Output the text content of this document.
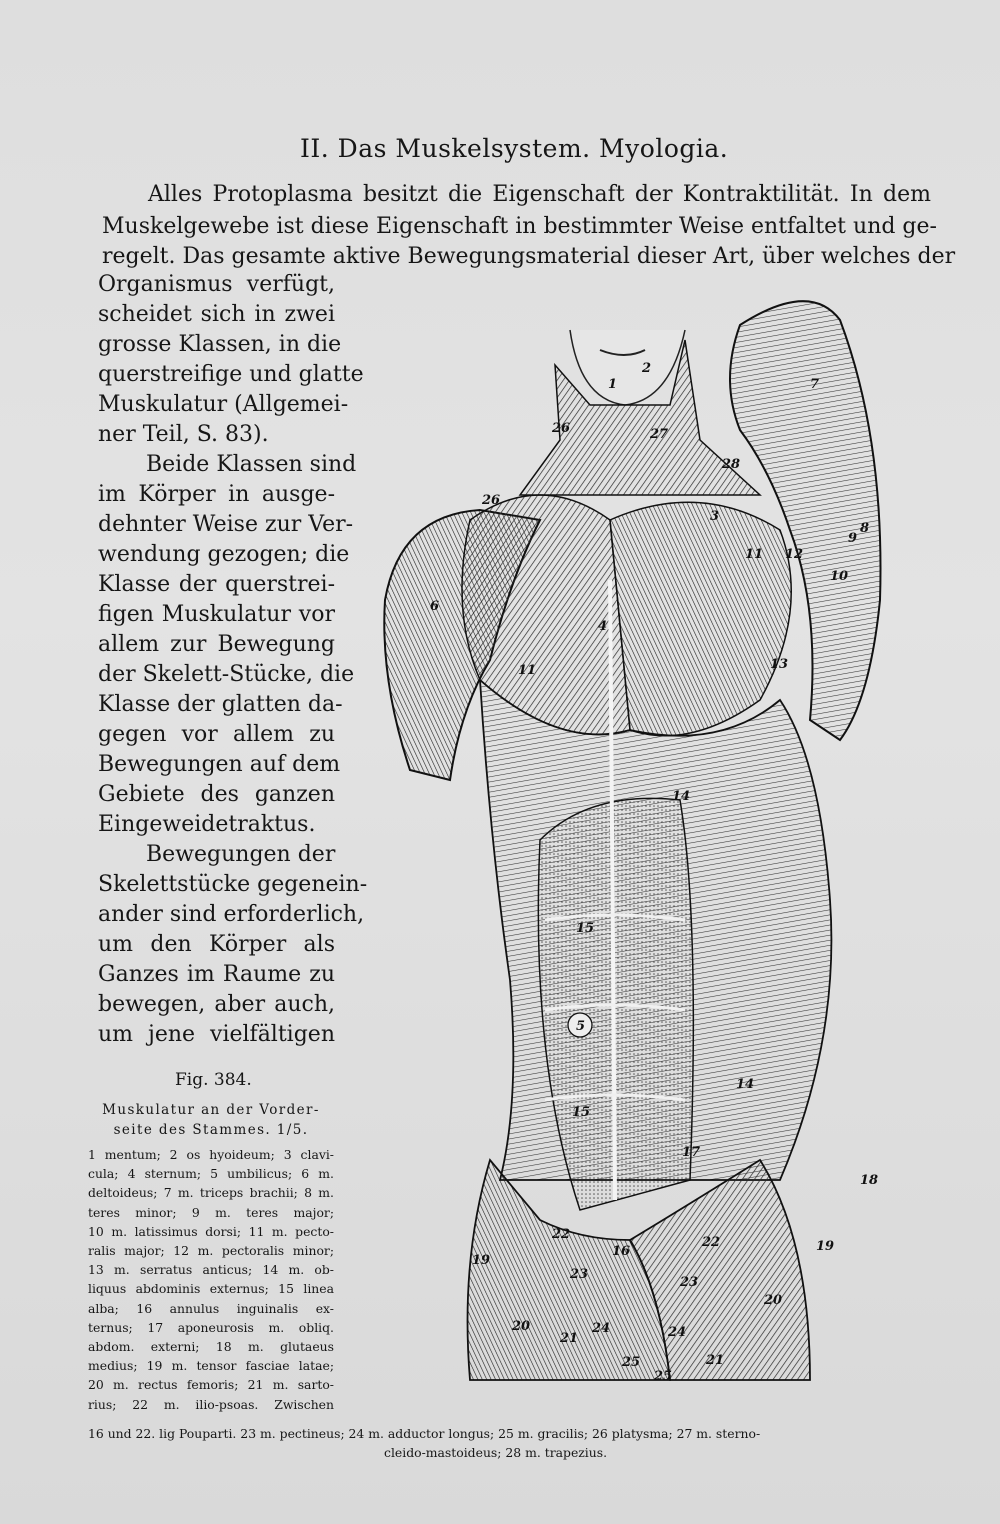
II. Das Muskelsystem. Myologia.
Alles Protoplasma besitzt die Eigenschaft der Kontraktilität. In dem
Muskelgewebe ist diese Eigenschaft in bestimmter Weise entfaltet und ge-
regelt. Das gesamte aktive Bewegungsmaterial dieser Art, über welches der
Organismus verfügt,
scheidet sich in zwei
grosse Klassen, in die
querstreifige und glatte
Muskulatur (Allgemei-
ner Teil, S. 83).
Beide Klassen sind
im Körper in ausge-
dehnter Weise zur Ver-
wendung gezogen; die
Klasse der querstrei-
figen Muskulatur vor
allem zur Bewegung
der Skelett-Stücke, die
Klasse der glatten da-
gegen vor allem zu
Bewegungen auf dem
Gebiete des ganzen
Eingeweidetraktus.
Bewegungen der
Skelettstücke gegenein-
ander sind erforderlich,
um den Körper als
Ganzes im Raume zu
bewegen, aber auch,
um jene vielfältigen
Fig. 384.
Muskulatur an der Vorder-
seite des Stammes. 1/5.
1 mentum; 2 os hyoideum; 3 clavi-
cula; 4 sternum; 5 umbilicus; 6 m.
deltoideus; 7 m. triceps brachii; 8 m.
teres minor; 9 m. teres major;
10 m. latissimus dorsi; 11 m. pecto-
ralis major; 12 m. pectoralis minor;
13 m. serratus anticus; 14 m. ob-
liquus abdominis externus; 15 linea
alba; 16 annulus inguinalis ex-
ternus; 17 aponeurosis m. obliq.
abdom. externi; 18 m. glutaeus
medius; 19 m. tensor fasciae latae;
20 m. rectus femoris; 21 m. sarto-
rius; 22 m. ilio-psoas. Zwischen
16 und 22. lig Pouparti. 23 m. pectineus; 24 m. adductor longus; 25 m. gracilis; 26 platysma; 27 m. sterno-
cleido-mastoideus; 28 m. trapezius.
1
2
3
4
5
6
7
8
9
10
11
11 12
13
14
14
15
15
16
17
18
19
19
20
20
21
21
22
22
23
23
24	24
25
25
26
26
27
28
